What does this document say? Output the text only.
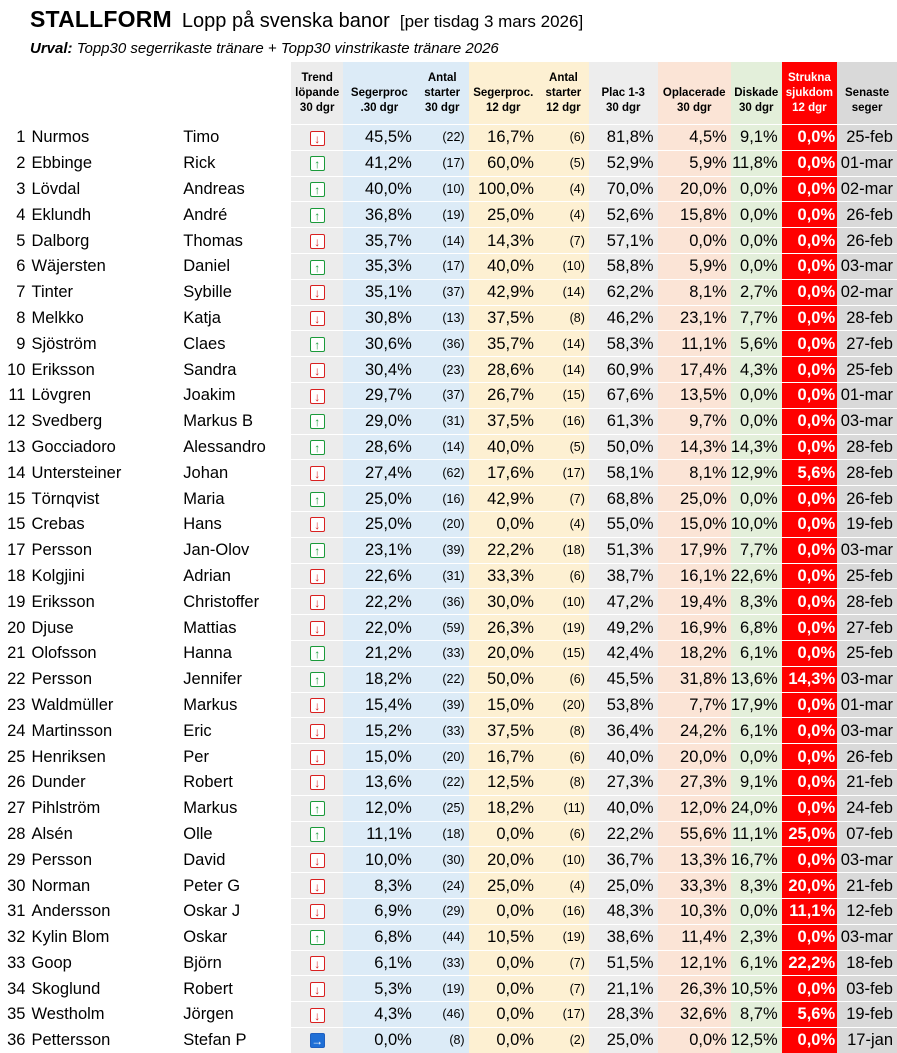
STALLFORM Lopp på svenska banor [per tisdag 3 mars 2026]
Urval: Topp30 segerrikaste tränare + Topp30 vinstrikaste tränare 2026
			Trend
löpande
30 dgr	Segerproc
.30 dgr	Antal
starter
30 dgr	Segerproc.
12 dgr	Antal
starter
12 dgr	Plac 1-3
30 dgr	Oplacerade
30 dgr	Diskade
30 dgr	Strukna
sjukdom
12 dgr	Senaste
seger
1	Nurmos	Timo	↓	45,5%	(22)	16,7%	(6)	81,8%	4,5%	9,1%	0,0%	25-feb
2	Ebbinge	Rick	↑	41,2%	(17)	60,0%	(5)	52,9%	5,9%	11,8%	0,0%	01-mar
3	Lövdal	Andreas	↑	40,0%	(10)	100,0%	(4)	70,0%	20,0%	0,0%	0,0%	02-mar
4	Eklundh	André	↑	36,8%	(19)	25,0%	(4)	52,6%	15,8%	0,0%	0,0%	26-feb
5	Dalborg	Thomas	↓	35,7%	(14)	14,3%	(7)	57,1%	0,0%	0,0%	0,0%	26-feb
6	Wäjersten	Daniel	↑	35,3%	(17)	40,0%	(10)	58,8%	5,9%	0,0%	0,0%	03-mar
7	Tinter	Sybille	↓	35,1%	(37)	42,9%	(14)	62,2%	8,1%	2,7%	0,0%	02-mar
8	Melkko	Katja	↓	30,8%	(13)	37,5%	(8)	46,2%	23,1%	7,7%	0,0%	28-feb
9	Sjöström	Claes	↑	30,6%	(36)	35,7%	(14)	58,3%	11,1%	5,6%	0,0%	27-feb
10	Eriksson	Sandra	↓	30,4%	(23)	28,6%	(14)	60,9%	17,4%	4,3%	0,0%	25-feb
11	Lövgren	Joakim	↓	29,7%	(37)	26,7%	(15)	67,6%	13,5%	0,0%	0,0%	01-mar
12	Svedberg	Markus B	↑	29,0%	(31)	37,5%	(16)	61,3%	9,7%	0,0%	0,0%	03-mar
13	Gocciadoro	Alessandro	↑	28,6%	(14)	40,0%	(5)	50,0%	14,3%	14,3%	0,0%	28-feb
14	Untersteiner	Johan	↓	27,4%	(62)	17,6%	(17)	58,1%	8,1%	12,9%	5,6%	28-feb
15	Törnqvist	Maria	↑	25,0%	(16)	42,9%	(7)	68,8%	25,0%	0,0%	0,0%	26-feb
15	Crebas	Hans	↓	25,0%	(20)	0,0%	(4)	55,0%	15,0%	10,0%	0,0%	19-feb
17	Persson	Jan-Olov	↑	23,1%	(39)	22,2%	(18)	51,3%	17,9%	7,7%	0,0%	03-mar
18	Kolgjini	Adrian	↓	22,6%	(31)	33,3%	(6)	38,7%	16,1%	22,6%	0,0%	25-feb
19	Eriksson	Christoffer	↓	22,2%	(36)	30,0%	(10)	47,2%	19,4%	8,3%	0,0%	28-feb
20	Djuse	Mattias	↓	22,0%	(59)	26,3%	(19)	49,2%	16,9%	6,8%	0,0%	27-feb
21	Olofsson	Hanna	↑	21,2%	(33)	20,0%	(15)	42,4%	18,2%	6,1%	0,0%	25-feb
22	Persson	Jennifer	↑	18,2%	(22)	50,0%	(6)	45,5%	31,8%	13,6%	14,3%	03-mar
23	Waldmüller	Markus	↓	15,4%	(39)	15,0%	(20)	53,8%	7,7%	17,9%	0,0%	01-mar
24	Martinsson	Eric	↓	15,2%	(33)	37,5%	(8)	36,4%	24,2%	6,1%	0,0%	03-mar
25	Henriksen	Per	↓	15,0%	(20)	16,7%	(6)	40,0%	20,0%	0,0%	0,0%	26-feb
26	Dunder	Robert	↓	13,6%	(22)	12,5%	(8)	27,3%	27,3%	9,1%	0,0%	21-feb
27	Pihlström	Markus	↑	12,0%	(25)	18,2%	(11)	40,0%	12,0%	24,0%	0,0%	24-feb
28	Alsén	Olle	↑	11,1%	(18)	0,0%	(6)	22,2%	55,6%	11,1%	25,0%	07-feb
29	Persson	David	↓	10,0%	(30)	20,0%	(10)	36,7%	13,3%	16,7%	0,0%	03-mar
30	Norman	Peter G	↓	8,3%	(24)	25,0%	(4)	25,0%	33,3%	8,3%	20,0%	21-feb
31	Andersson	Oskar J	↓	6,9%	(29)	0,0%	(16)	48,3%	10,3%	0,0%	11,1%	12-feb
32	Kylin Blom	Oskar	↑	6,8%	(44)	10,5%	(19)	38,6%	11,4%	2,3%	0,0%	03-mar
33	Goop	Björn	↓	6,1%	(33)	0,0%	(7)	51,5%	12,1%	6,1%	22,2%	18-feb
34	Skoglund	Robert	↓	5,3%	(19)	0,0%	(7)	21,1%	26,3%	10,5%	0,0%	03-feb
35	Westholm	Jörgen	↓	4,3%	(46)	0,0%	(17)	28,3%	32,6%	8,7%	5,6%	19-feb
36	Pettersson	Stefan P	→	0,0%	(8)	0,0%	(2)	25,0%	0,0%	12,5%	0,0%	17-jan
